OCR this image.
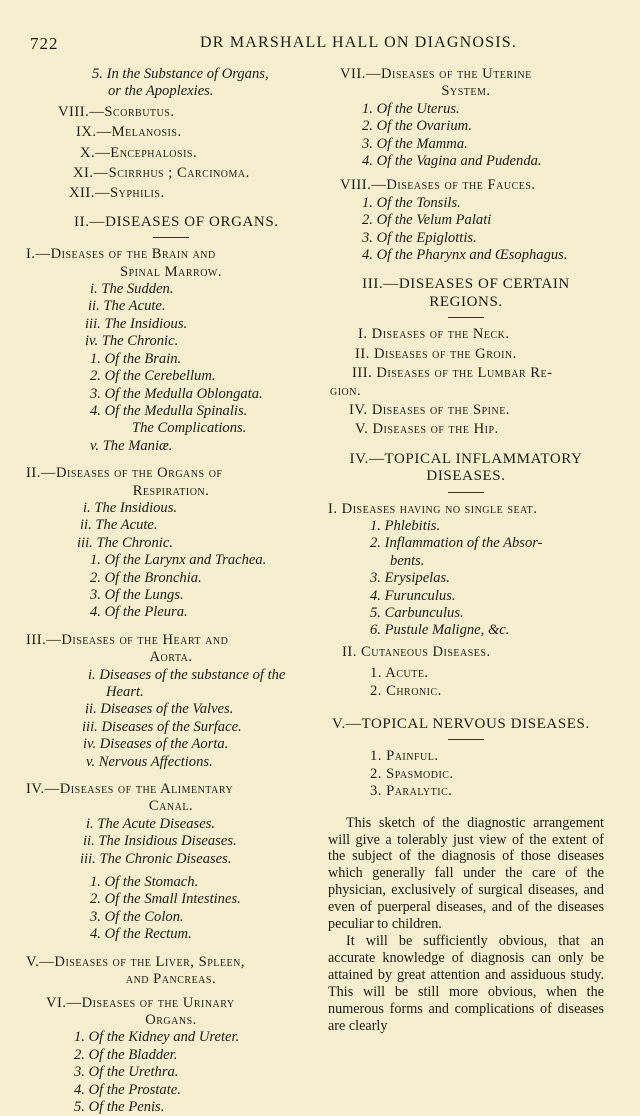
722	DR MARSHALL HALL ON DIAGNOSIS.
5. In the Substance of Organs,
or the Apoplexies.
VIII.—Scorbutus.
IX.—Melanosis.
X.—Encephalosis.
XI.—Scirrhus ; Carcinoma.
XII.—Syphilis.
II.—DISEASES OF ORGANS.
I.—Diseases of the Brain and
Spinal Marrow.
i. The Sudden.
ii. The Acute.
iii. The Insidious.
iv. The Chronic.
1. Of the Brain.
2. Of the Cerebellum.
3. Of the Medulla Oblongata.
4. Of the Medulla Spinalis.
The Complications.
v. The Maniæ.
II.—Diseases of the Organs of
Respiration.
i. The Insidious.
ii. The Acute.
iii. The Chronic.
1. Of the Larynx and Trachea.
2. Of the Bronchia.
3. Of the Lungs.
4. Of the Pleura.
III.—Diseases of the Heart and
Aorta.
i. Diseases of the substance of the
Heart.
ii. Diseases of the Valves.
iii. Diseases of the Surface.
iv. Diseases of the Aorta.
v. Nervous Affections.
IV.—Diseases of the Alimentary
Canal.
i. The Acute Diseases.
ii. The Insidious Diseases.
iii. The Chronic Diseases.
1. Of the Stomach.
2. Of the Small Intestines.
3. Of the Colon.
4. Of the Rectum.
V.—Diseases of the Liver, Spleen,
and Pancreas.
VI.—Diseases of the Urinary
Organs.
1. Of the Kidney and Ureter.
2. Of the Bladder.
3. Of the Urethra.
4. Of the Prostate.
5. Of the Penis.
VII.—Diseases of the Uterine
System.
1. Of the Uterus.
2. Of the Ovarium.
3. Of the Mamma.
4. Of the Vagina and Pudenda.
VIII.—Diseases of the Fauces.
1. Of the Tonsils.
2. Of the Velum Palati
3. Of the Epiglottis.
4. Of the Pharynx and Œsophagus.
III.—DISEASES OF CERTAIN
REGIONS.
I. Diseases of the Neck.
II. Diseases of the Groin.
III. Diseases of the Lumbar Re-
gion.
IV. Diseases of the Spine.
V. Diseases of the Hip.
IV.—TOPICAL INFLAMMATORY
DISEASES.
I. Diseases having no single seat.
1. Phlebitis.
2. Inflammation of the Absor-
bents.
3. Erysipelas.
4. Furunculus.
5. Carbunculus.
6. Pustule Maligne, &c.
II. Cutaneous Diseases.
1. Acute.
2. Chronic.
V.—TOPICAL NERVOUS DISEASES.
1. Painful.
2. Spasmodic.
3. Paralytic.
This sketch of the diagnostic arrangement will give a tolerably just view of the extent of the subject of the diagnosis of those diseases which generally fall under the care of the physician, exclusively of surgical diseases, and even of puerperal diseases, and of the diseases peculiar to children.
It will be sufficiently obvious, that an accurate knowledge of diagnosis can only be attained by great attention and assiduous study. This will be still more obvious, when the numerous forms and complications of diseases are clearly
